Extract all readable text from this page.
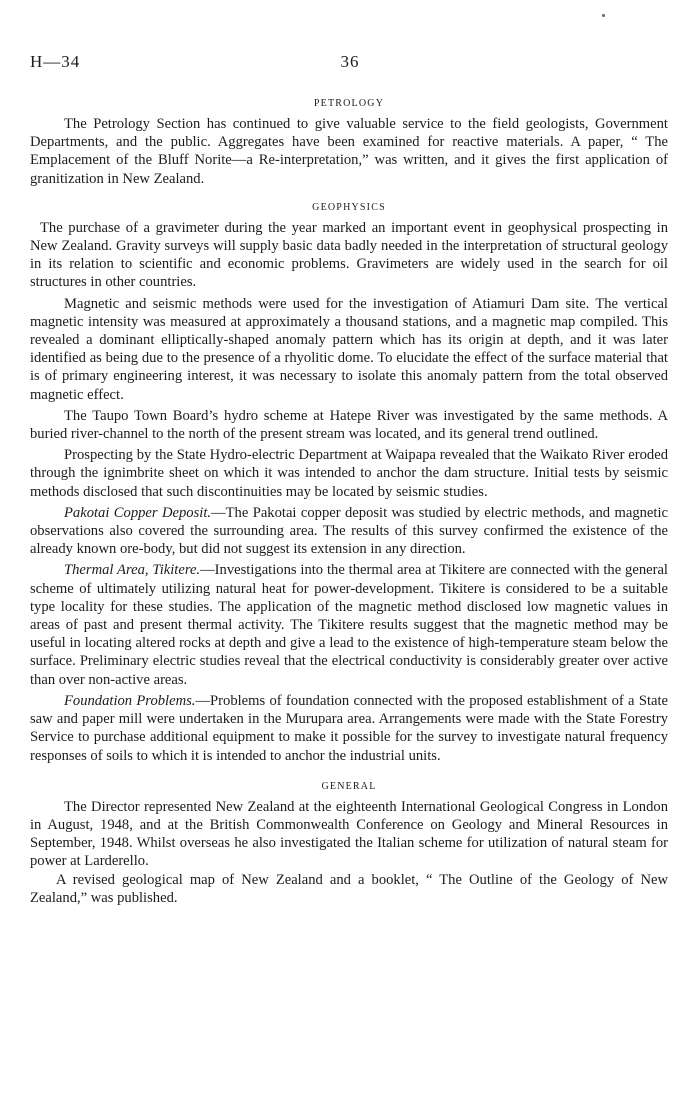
H—34	36
PETROLOGY

The Petrology Section has continued to give valuable service to the field geologists, Government Departments, and the public. Aggregates have been examined for reactive materials. A paper, “ The Emplacement of the Bluff Norite—a Re-interpretation,” was written, and it gives the first application of granitization in New Zealand.

GEOPHYSICS

The purchase of a gravimeter during the year marked an important event in geophysical prospecting in New Zealand. Gravity surveys will supply basic data badly needed in the interpretation of structural geology in its relation to scientific and economic problems. Gravimeters are widely used in the search for oil structures in other countries.

Magnetic and seismic methods were used for the investigation of Atiamuri Dam site. The vertical magnetic intensity was measured at approximately a thousand stations, and a magnetic map compiled. This revealed a dominant elliptically-shaped anomaly pattern which has its origin at depth, and it was later identified as being due to the presence of a rhyolitic dome. To elucidate the effect of the surface material that is of primary engineering interest, it was necessary to isolate this anomaly pattern from the total observed magnetic effect.

The Taupo Town Board’s hydro scheme at Hatepe River was investigated by the same methods. A buried river-channel to the north of the present stream was located, and its general trend outlined.

Prospecting by the State Hydro-electric Department at Waipapa revealed that the Waikato River eroded through the ignimbrite sheet on which it was intended to anchor the dam structure. Initial tests by seismic methods disclosed that such discontinuities may be located by seismic studies.

Pakotai Copper Deposit.—The Pakotai copper deposit was studied by electric methods, and magnetic observations also covered the surrounding area. The results of this survey confirmed the existence of the already known ore-body, but did not suggest its extension in any direction.

Thermal Area, Tikitere.—Investigations into the thermal area at Tikitere are connected with the general scheme of ultimately utilizing natural heat for power-development. Tikitere is considered to be a suitable type locality for these studies. The application of the magnetic method disclosed low magnetic values in areas of past and present thermal activity. The Tikitere results suggest that the magnetic method may be useful in locating altered rocks at depth and give a lead to the existence of high-temperature steam below the surface. Preliminary electric studies reveal that the electrical conductivity is considerably greater over active than over non-active areas.

Foundation Problems.—Problems of foundation connected with the proposed establishment of a State saw and paper mill were undertaken in the Murupara area. Arrangements were made with the State Forestry Service to purchase additional equipment to make it possible for the survey to investigate natural frequency responses of soils to which it is intended to anchor the industrial units.

GENERAL

The Director represented New Zealand at the eighteenth International Geological Congress in London in August, 1948, and at the British Commonwealth Conference on Geology and Mineral Resources in September, 1948. Whilst overseas he also investigated the Italian scheme for utilization of natural steam for power at Larderello.

A revised geological map of New Zealand and a booklet, “ The Outline of the Geology of New Zealand,” was published.
